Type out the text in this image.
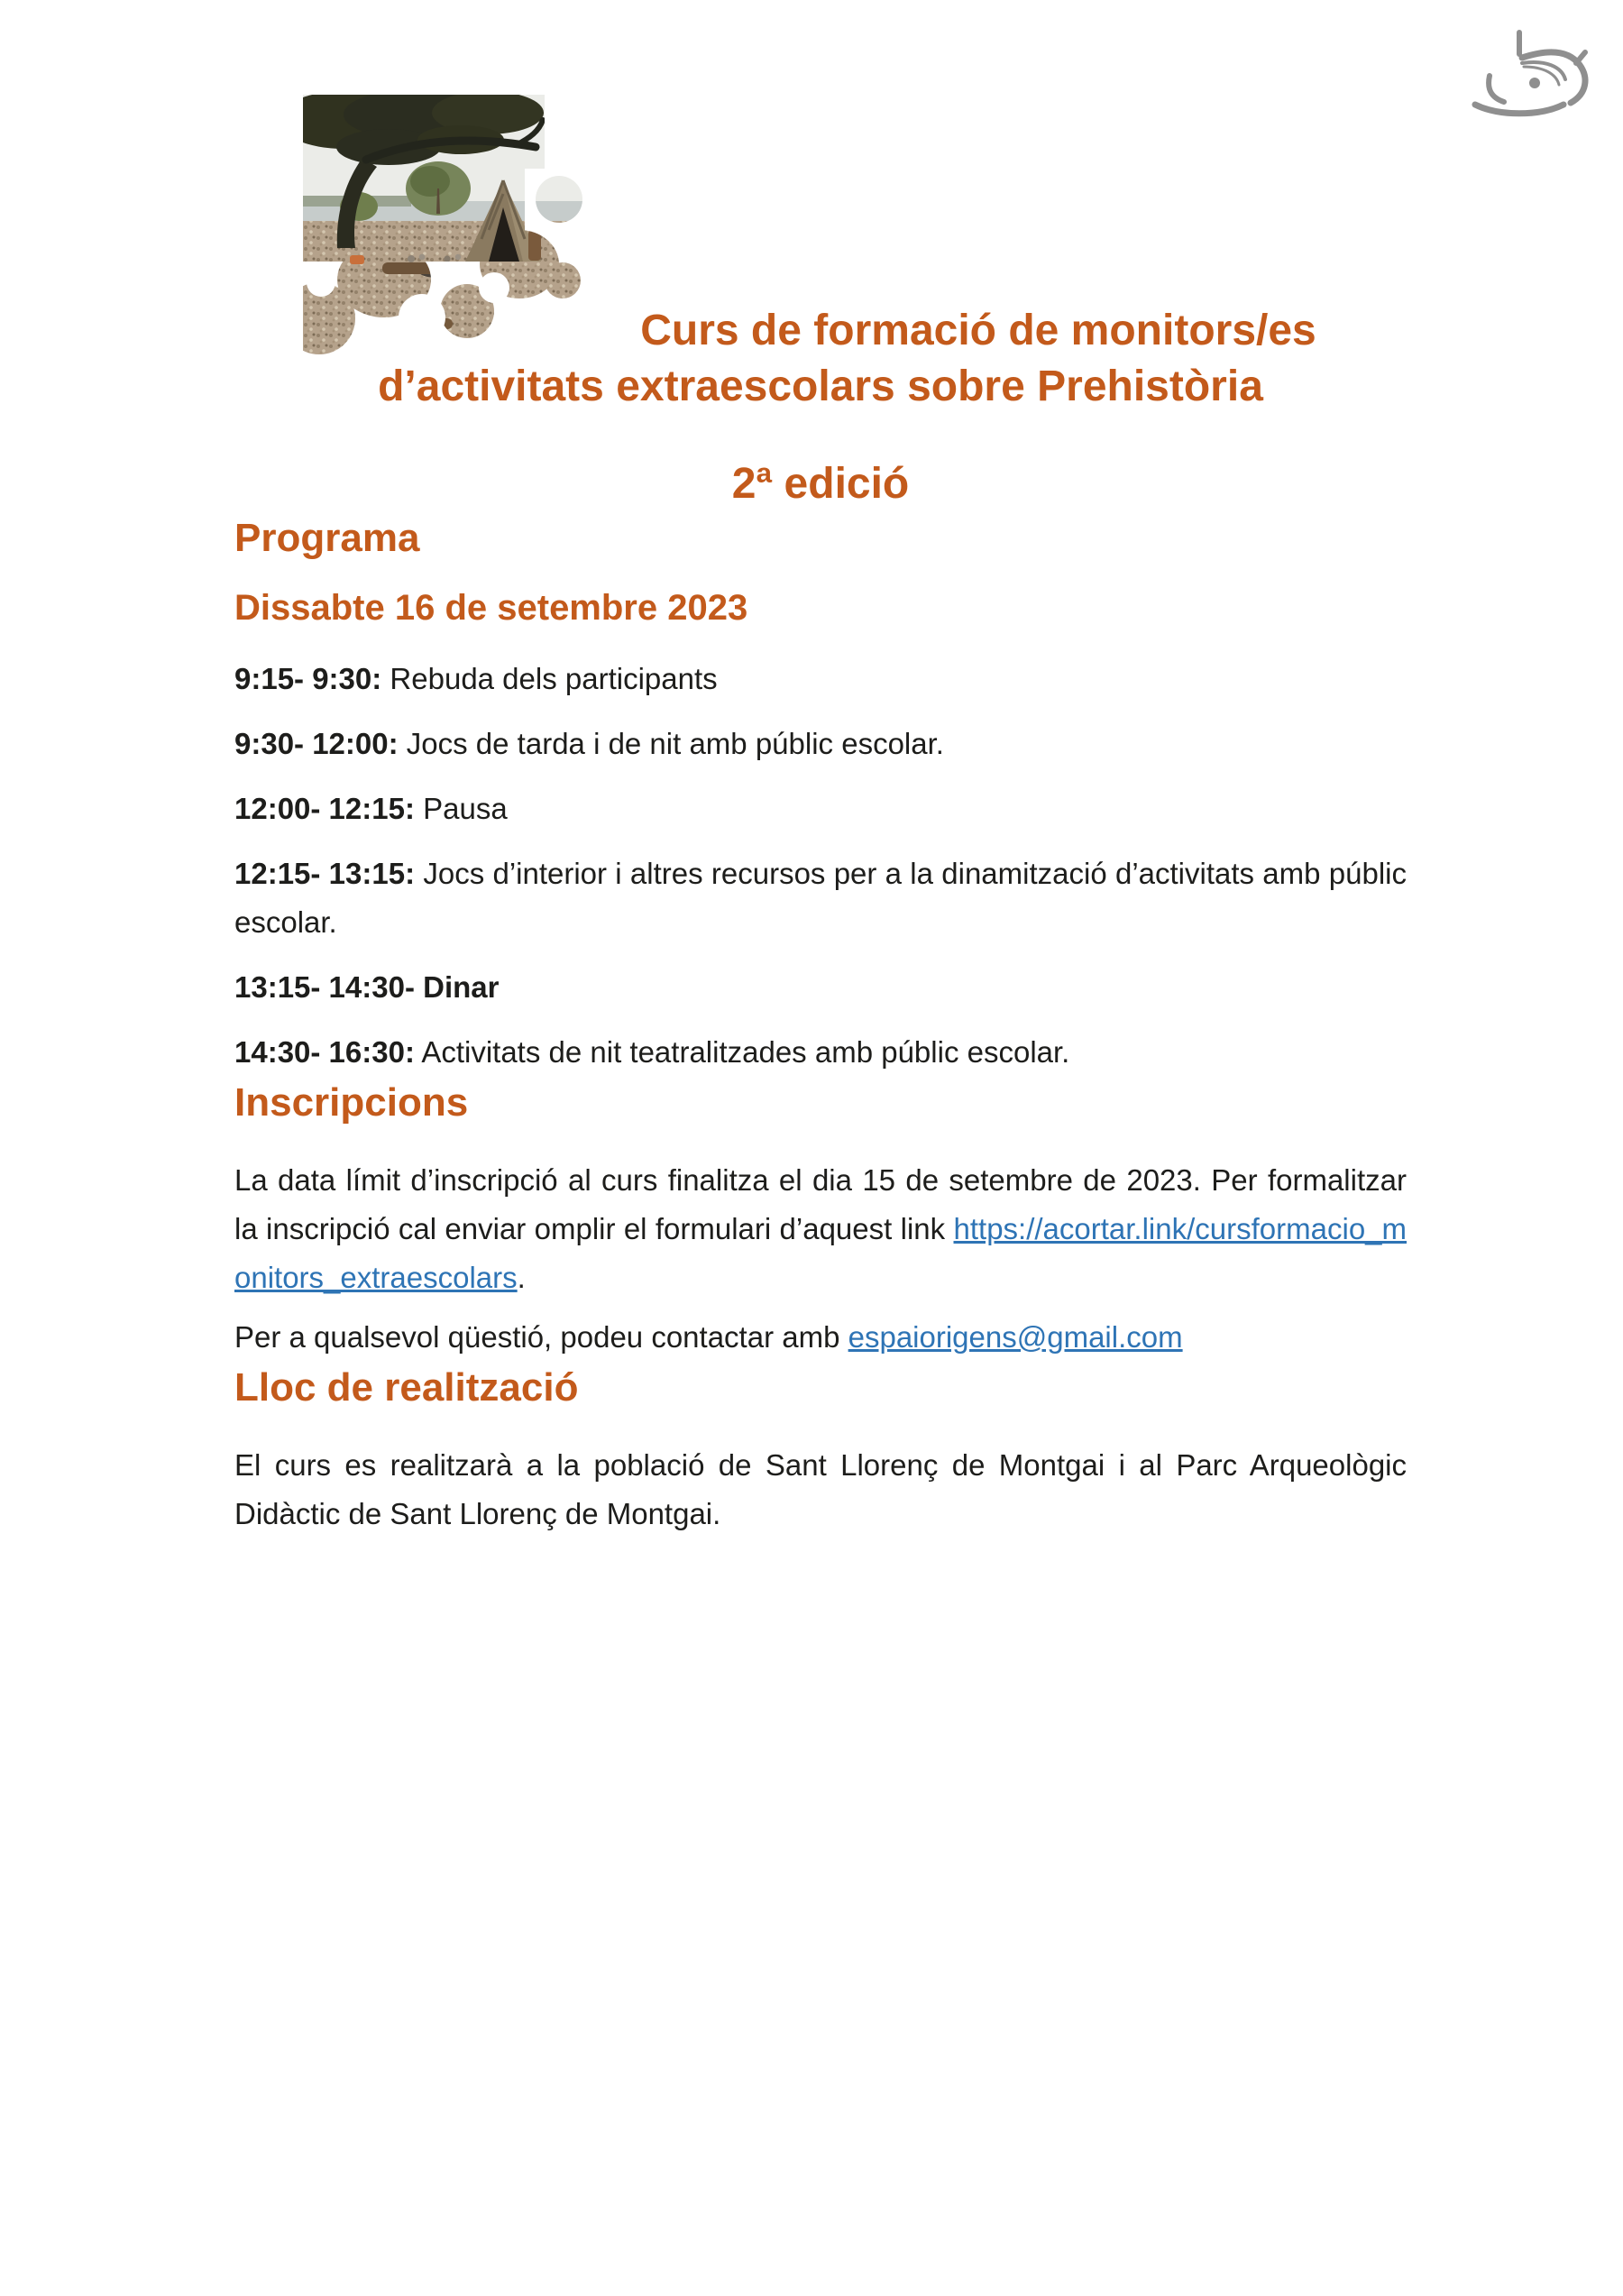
Curs de formació de monitors/es

d’activitats extraescolars sobre Prehistòria

2ª edició

Programa
Dissabte 16 de setembre 2023

9:15- 9:30: Rebuda dels participants

9:30- 12:00: Jocs de tarda i de nit amb públic escolar.

12:00- 12:15: Pausa

12:15- 13:15: Jocs d’interior i altres recursos per a la dinamització d’activitats amb públic escolar.

13:15- 14:30- Dinar

14:30- 16:30: Activitats de nit teatralitzades amb públic escolar.

Inscripcions

La data límit d’inscripció al curs finalitza el dia 15 de setembre de 2023. Per formalitzar la inscripció cal enviar omplir el formulari d’aquest link https://acortar.link/cursformacio_monitors_extraescolars.

Per a qualsevol qüestió, podeu contactar amb espaiorigens@gmail.com

Lloc de realització

El curs es realitzarà a la població de Sant Llorenç de Montgai i al Parc Arqueològic Didàctic de Sant Llorenç de Montgai.
